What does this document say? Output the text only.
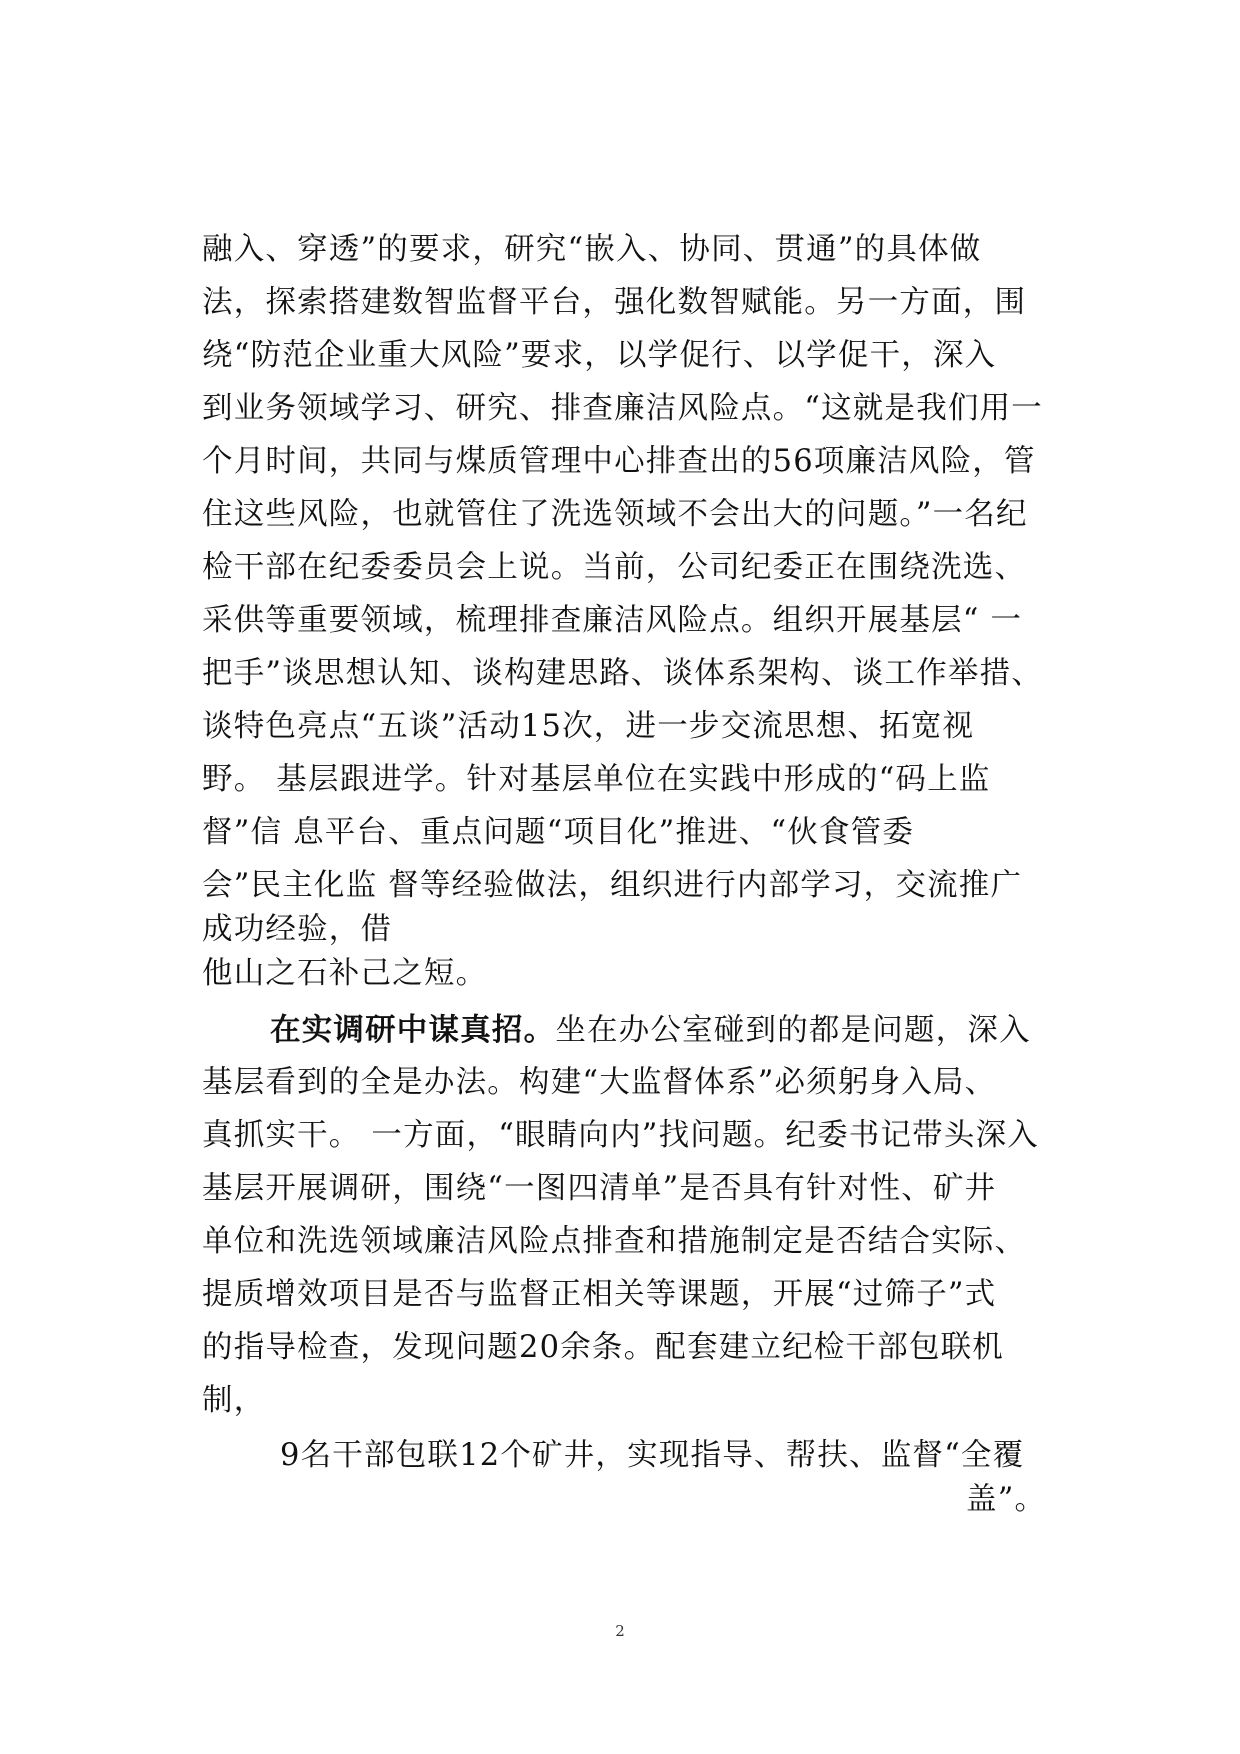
融入、穿透”的要求，研究“嵌入、协同、贯通”的具体做
法，探索搭建数智监督平台，强化数智赋能。另一方面，围
绕“防范企业重大风险”要求，以学促行、以学促干，深入
到业务领域学习、研究、排查廉洁风险点。“这就是我们用一
个月时间，共同与煤质管理中心排查出的56项廉洁风险，管
住这些风险，也就管住了洗选领域不会出大的问题。”一名纪
检干部在纪委委员会上说。当前，公司纪委正在围绕洗选、
采供等重要领域，梳理排查廉洁风险点。组织开展基层“ 一
把手”谈思想认知、谈构建思路、谈体系架构、谈工作举措、
谈特色亮点“五谈”活动15次，进一步交流思想、拓宽视
野。 基层跟进学。针对基层单位在实践中形成的“码上监
督”信 息平台、重点问题“项目化”推进、“伙食管委
会”民主化监 督等经验做法，组织进行内部学习，交流推广
成功经验，借
他山之石补己之短。
在实调研中谋真招。坐在办公室碰到的都是问题，深入
基层看到的全是办法。构建“大监督体系”必须躬身入局、
真抓实干。 一方面，“眼睛向内”找问题。纪委书记带头深入
基层开展调研，围绕“一图四清单”是否具有针对性、矿井
单位和洗选领域廉洁风险点排查和措施制定是否结合实际、
提质增效项目是否与监督正相关等课题，开展“过筛子”式
的指导检查，发现问题20余条。配套建立纪检干部包联机
制，
9名干部包联12个矿井，实现指导、帮扶、监督“全覆
盖”。
2
